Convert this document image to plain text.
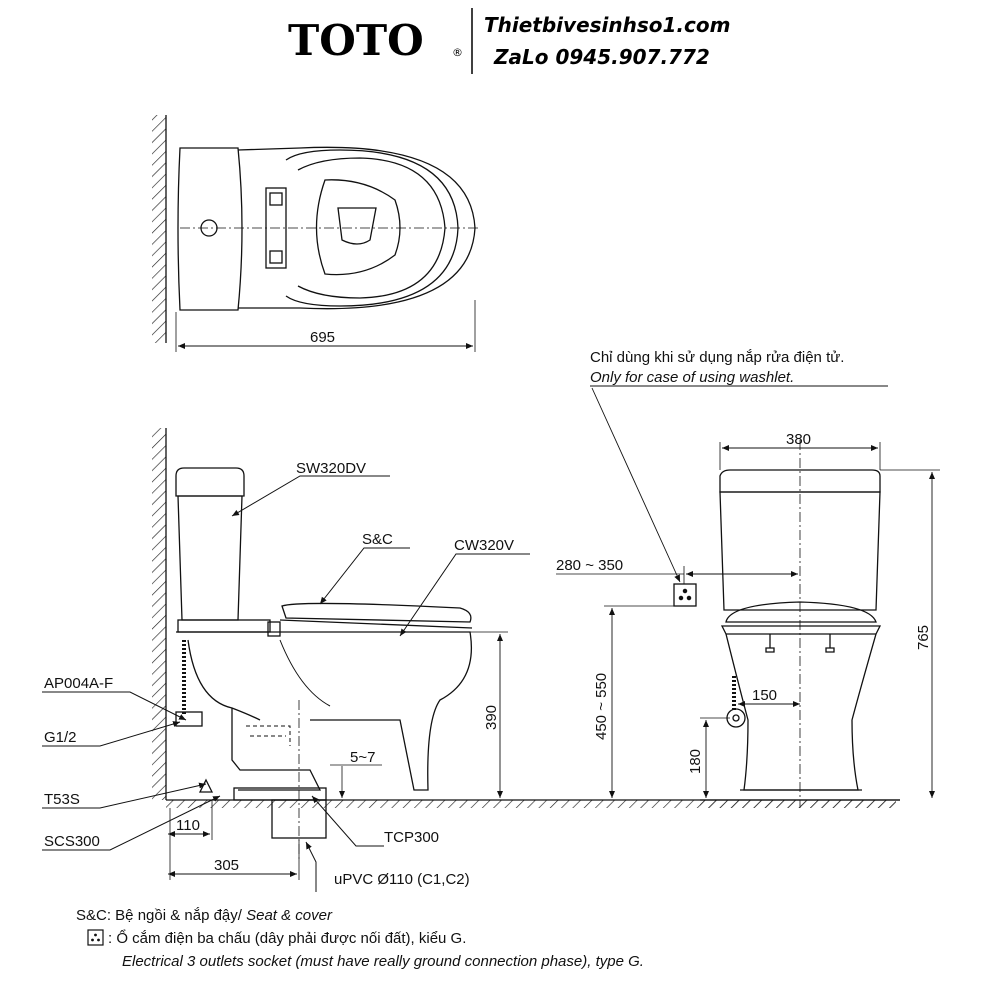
TOTO	®
Thietbivesinhso1.com
ZaLo 0945.907.772
695
SW320DV
S&C	CW320V
AP004A-F
G1/2
T53S
SCS300	TCP300
uPVC Ø110 (C1,C2)
5~7
110
305
390
Chỉ dùng khi sử dụng nắp rửa điện tử.
Only for case of using washlet.
380
280 ~ 350
150
450 ~ 550
765
180
S&C: Bệ ngồi & nắp đậy/ Seat & cover
: Ổ cắm điện ba chấu (dây phải được nối đất), kiểu G.
Electrical 3 outlets socket (must have really ground connection phase), type G.
